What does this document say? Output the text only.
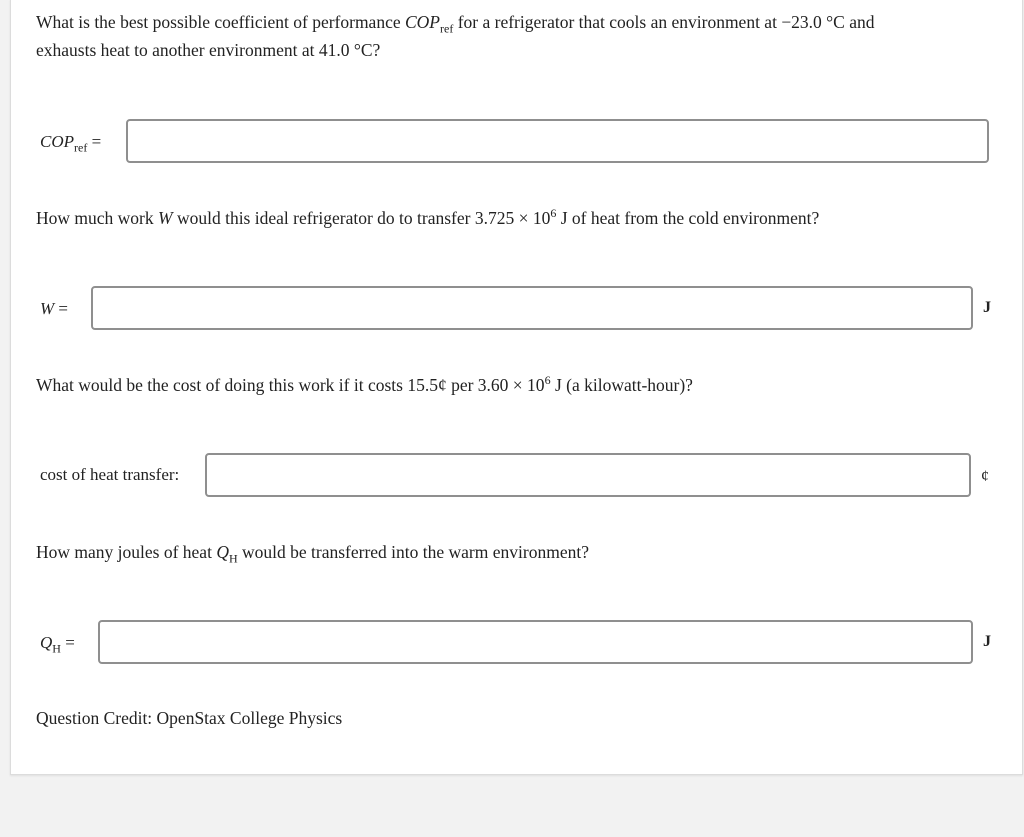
What is the best possible coefficient of performance $COP_{ref}$ for a refrigerator that cools an environment at −23.0 °C and
exhausts heat to another environment at 41.0 °C?
$COP_{ref}$ =
How much work W would this ideal refrigerator do to transfer $3.725 \times 10^6$ J of heat from the cold environment?
W =	J
What would be the cost of doing this work if it costs 15.5¢ per $3.60 \times 10^6$ J (a kilowatt-hour)?
cost of heat transfer:	¢
How many joules of heat $Q_H$ would be transferred into the warm environment?
$Q_H$ =	J
Question Credit: OpenStax College Physics
